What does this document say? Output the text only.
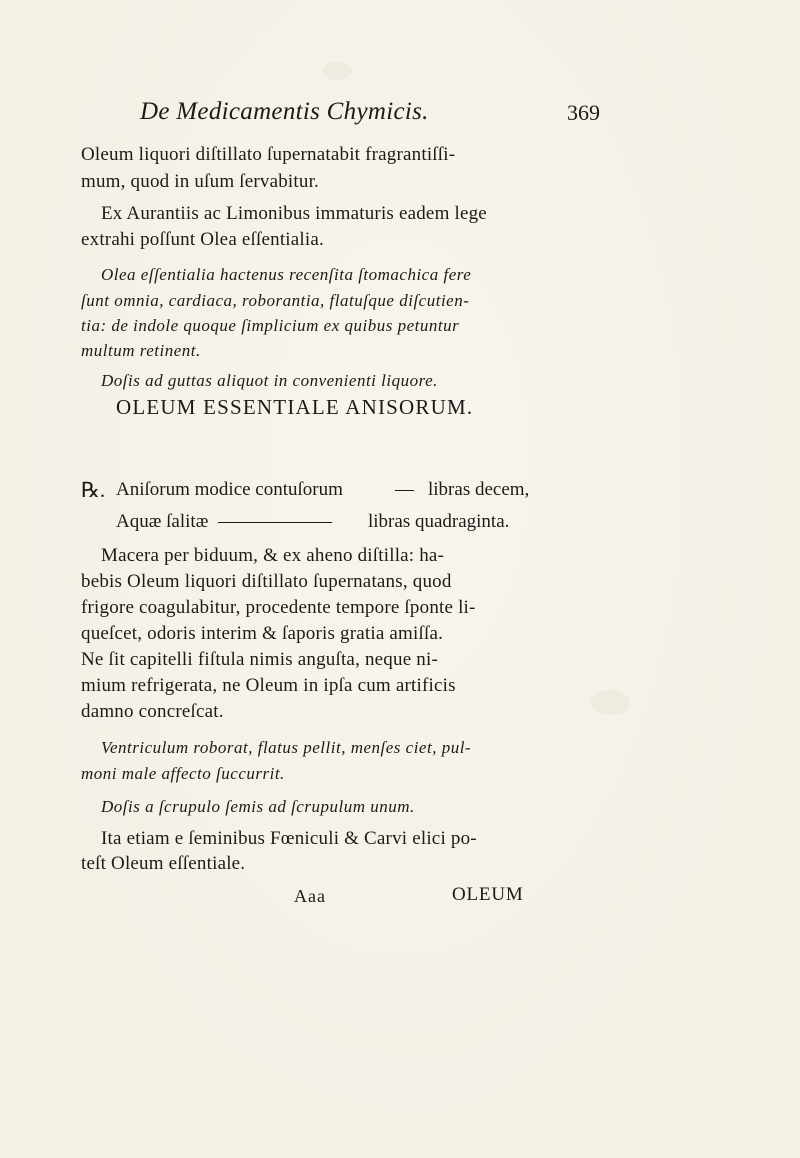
De Medicamentis Chymicis.	369
Oleum liquori diſtillato ſupernatabit fragrantiſſi-
mum, quod in uſum ſervabitur.
Ex Aurantiis ac Limonibus immaturis eadem lege
extrahi poſſunt Olea eſſentialia.
Olea eſſentialia hactenus recenſita ſtomachica fere
ſunt omnia, cardiaca, roborantia, flatuſque diſcutien-
tia: de indole quoque ſimplicium ex quibus petuntur
multum retinent.
Doſis ad guttas aliquot in convenienti liquore.
OLEUM ESSENTIALE ANISORUM.
℞. Aniſorum modice contuſorum	— libras decem,
Aquæ ſalitæ —————— libras quadraginta.
Macera per biduum, & ex aheno diſtilla: ha-
bebis Oleum liquori diſtillato ſupernatans, quod
frigore coagulabitur, procedente tempore ſponte li-
queſcet, odoris interim & ſaporis gratia amiſſa.
Ne ſit capitelli fiſtula nimis anguſta, neque ni-
mium refrigerata, ne Oleum in ipſa cum artificis
damno concreſcat.
Ventriculum roborat, flatus pellit, menſes ciet, pul-
moni male affecto ſuccurrit.
Doſis a ſcrupulo ſemis ad ſcrupulum unum.
Ita etiam e ſeminibus Fœniculi & Carvi elici po-
teſt Oleum eſſentiale.
Aaa	OLEUM
